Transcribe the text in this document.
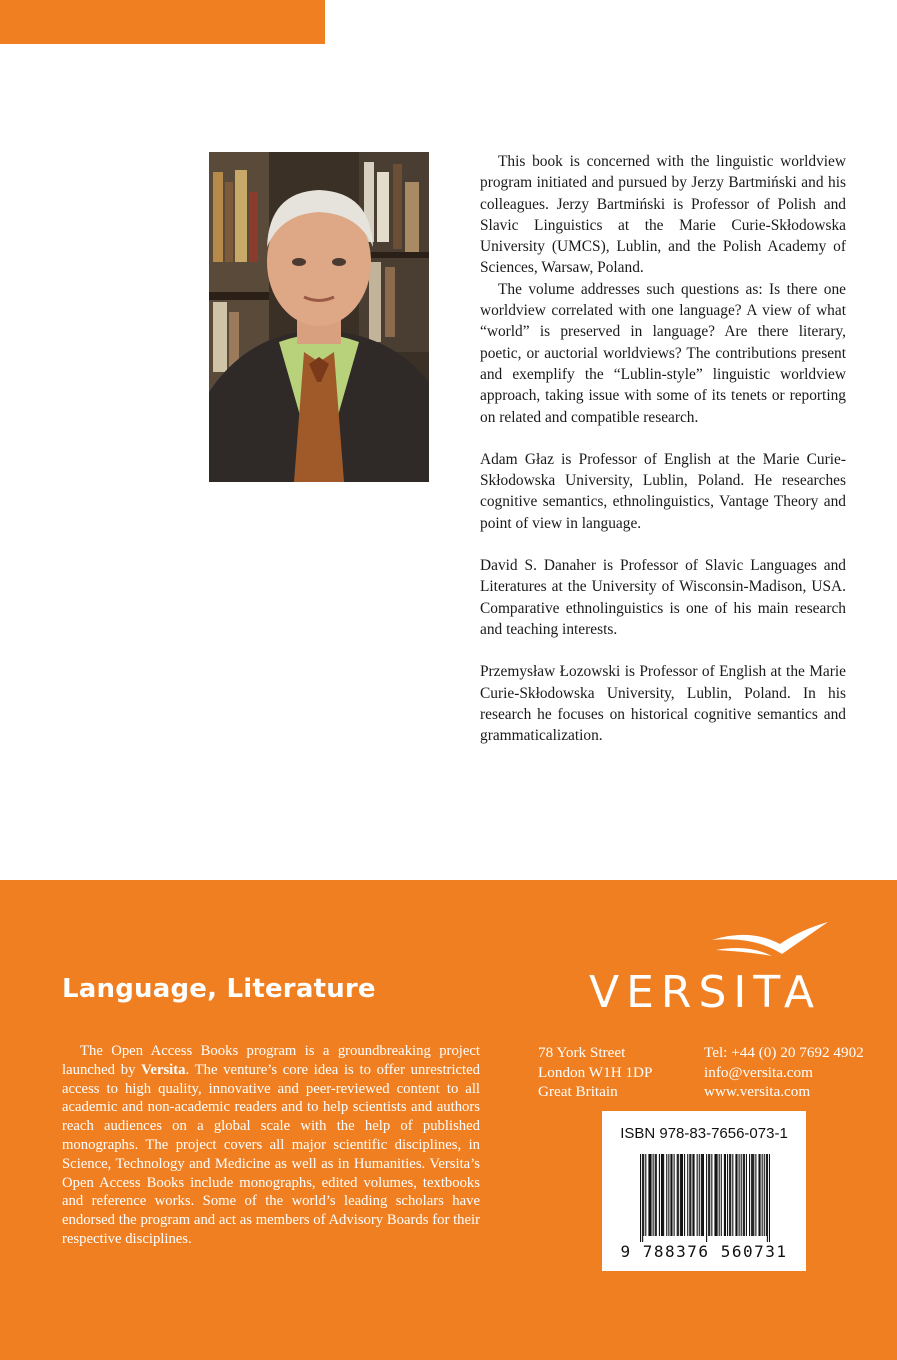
This book is concerned with the linguistic worldview program initiated and pursued by Jerzy Bartmiński and his colleagues. Jerzy Bartmiński is Professor of Polish and Slavic Linguistics at the Marie Curie-Skłodowska University (UMCS), Lublin, and the Polish Academy of Sciences, Warsaw, Poland.

The volume addresses such questions as: Is there one worldview correlated with one language? A view of what “world” is preserved in language? Are there literary, poetic, or auctorial worldviews? The contributions present and exemplify the “Lublin-style” linguistic worldview approach, taking issue with some of its tenets or reporting on related and compatible research.

Adam Głaz is Professor of English at the Marie Curie-Skłodowska University, Lublin, Poland. He researches cognitive semantics, ethnolinguistics, Vantage Theory and point of view in language.

David S. Danaher is Professor of Slavic Languages and Literatures at the University of Wisconsin-Madison, USA. Comparative ethnolinguistics is one of his main research and teaching interests.

Przemysław Łozowski is Professor of English at the Marie Curie-Skłodowska University, Lublin, Poland. In his research he focuses on historical cognitive semantics and grammaticalization.

Language, Literature

The Open Access Books program is a groundbreaking project launched by Versita. The venture’s core idea is to offer unrestricted access to high quality, innovative and peer-reviewed content to all academic and non-academic readers and to help scientists and authors reach audiences on a global scale with the help of published monographs. The project covers all major scientific disciplines, in Science, Technology and Medicine as well as in Humanities. Versita’s Open Access Books include monographs, edited volumes, textbooks and reference works. Some of the world’s leading scholars have endorsed the program and act as members of Advisory Boards for their respective disciplines.

VERSITA
78 York Street
London W1H 1DP
Great Britain
Tel: +44 (0) 20 7692 4902
info@versita.com
www.versita.com
ISBN 978-83-7656-073-1
9 788376 560731
